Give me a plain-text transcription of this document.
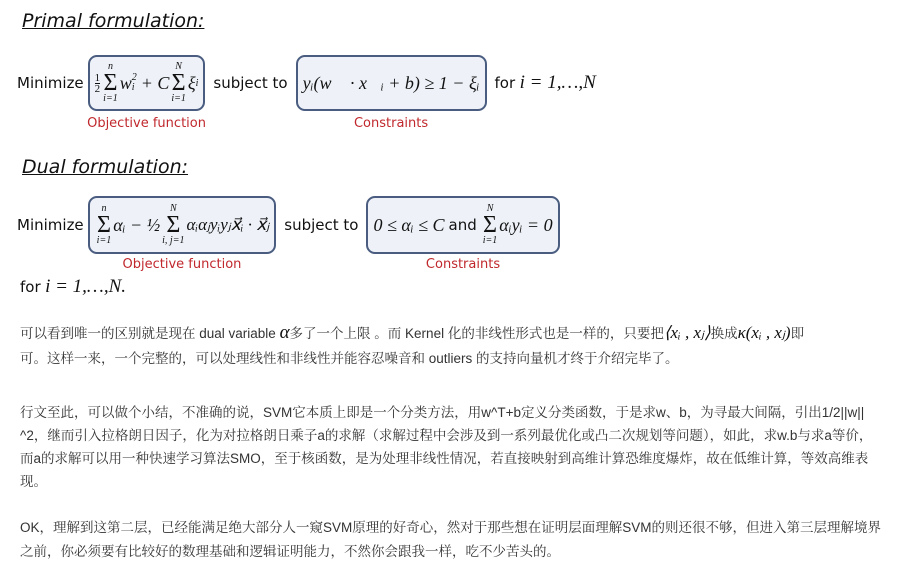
Primal formulation:
Minimize $\frac{1}{2}$
n
Σ
i=1
w 2
i + C
N
Σ
i=1
ξ i
Objective function
subject to yᵢ(w⃗ · x⃗ᵢ + b) ≥ 1 − ξᵢ
Constraints
for i = 1,…,N
Dual formulation:
Minimize
n
Σ
i=1
αᵢ − ½
N
Σ
i, j=1
αᵢαⱼyᵢyⱼx⃗ᵢ · x⃗ⱼ
Objective function
subject to 0 ≤ αᵢ ≤ C and
N
Σ
i=1
αᵢyᵢ = 0
Constraints
for i = 1,…,N.
可以看到唯一的区别就是现在 dual variable α多了一个上限 。而 Kernel 化的非线性形式也是一样的，只要把⟨xᵢ , xⱼ⟩换成κ(xᵢ , xⱼ)即
可。这样一来，一个完整的，可以处理线性和非线性并能容忍噪音和 outliers 的支持向量机才终于介绍完毕了。
行文至此，可以做个小结，不准确的说，SVM它本质上即是一个分类方法，用w^T+b定义分类函数，于是求w、b，为寻最大间隔，引出1/2||w||
^2，继而引入拉格朗日因子，化为对拉格朗日乘子a的求解（求解过程中会涉及到一系列最优化或凸二次规划等问题），如此，求w.b与求a等价，
而a的求解可以用一种快速学习算法SMO，至于核函数，是为处理非线性情况，若直接映射到高维计算恐维度爆炸，故在低维计算，等效高维表
现。
OK，理解到这第二层，已经能满足绝大部分人一窥SVM原理的好奇心，然对于那些想在证明层面理解SVM的则还很不够，但进入第三层理解境界
之前，你必须要有比较好的数理基础和逻辑证明能力，不然你会跟我一样，吃不少苦头的。
